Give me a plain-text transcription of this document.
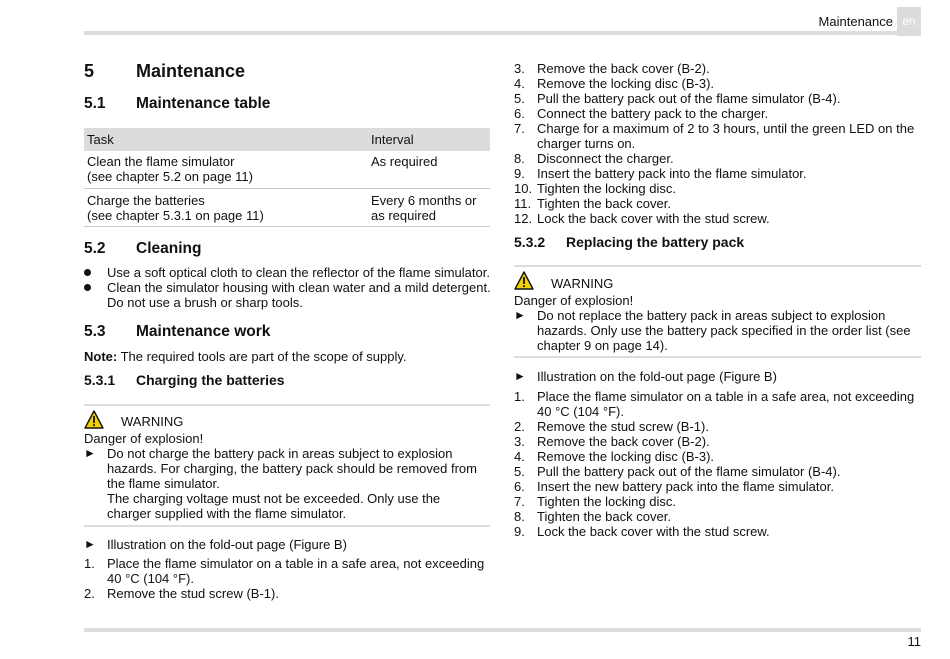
Maintenance en
11
5 Maintenance
5.1 Maintenance table
Task	Interval
Clean the flame simulator
(see chapter 5.2 on page 11)
As required
Charge the batteries
(see chapter 5.3.1 on page 11)
Every 6 months or
as required
5.2 Cleaning
Use a soft optical cloth to clean the reflector of the flame simulator.
Clean the simulator housing with clean water and a mild detergent.
Do not use a brush or sharp tools.
5.3 Maintenance work
Note: The required tools are part of the scope of supply.
5.3.1 Charging the batteries
WARNING
Danger of explosion!
► Do not charge the battery pack in areas subject to explosion
hazards. For charging, the battery pack should be removed from
the flame simulator.
The charging voltage must not be exceeded. Only use the
charger supplied with the flame simulator.
► Illustration on the fold-out page (Figure B)
1. Place the flame simulator on a table in a safe area, not exceeding
40 °C (104 °F).
2. Remove the stud screw (B-1).
3. Remove the back cover (B-2).
4. Remove the locking disc (B-3).
5. Pull the battery pack out of the flame simulator (B-4).
6. Connect the battery pack to the charger.
7. Charge for a maximum of 2 to 3 hours, until the green LED on the
charger turns on.
8. Disconnect the charger.
9. Insert the battery pack into the flame simulator.
10. Tighten the locking disc.
11. Tighten the back cover.
12. Lock the back cover with the stud screw.
5.3.2 Replacing the battery pack
WARNING
Danger of explosion!
► Do not replace the battery pack in areas subject to explosion
hazards. Only use the battery pack specified in the order list (see
chapter 9 on page 14).
► Illustration on the fold-out page (Figure B)
1. Place the flame simulator on a table in a safe area, not exceeding
40 °C (104 °F).
2. Remove the stud screw (B-1).
3. Remove the back cover (B-2).
4. Remove the locking disc (B-3).
5. Pull the battery pack out of the flame simulator (B-4).
6. Insert the new battery pack into the flame simulator.
7. Tighten the locking disc.
8. Tighten the back cover.
9. Lock the back cover with the stud screw.
